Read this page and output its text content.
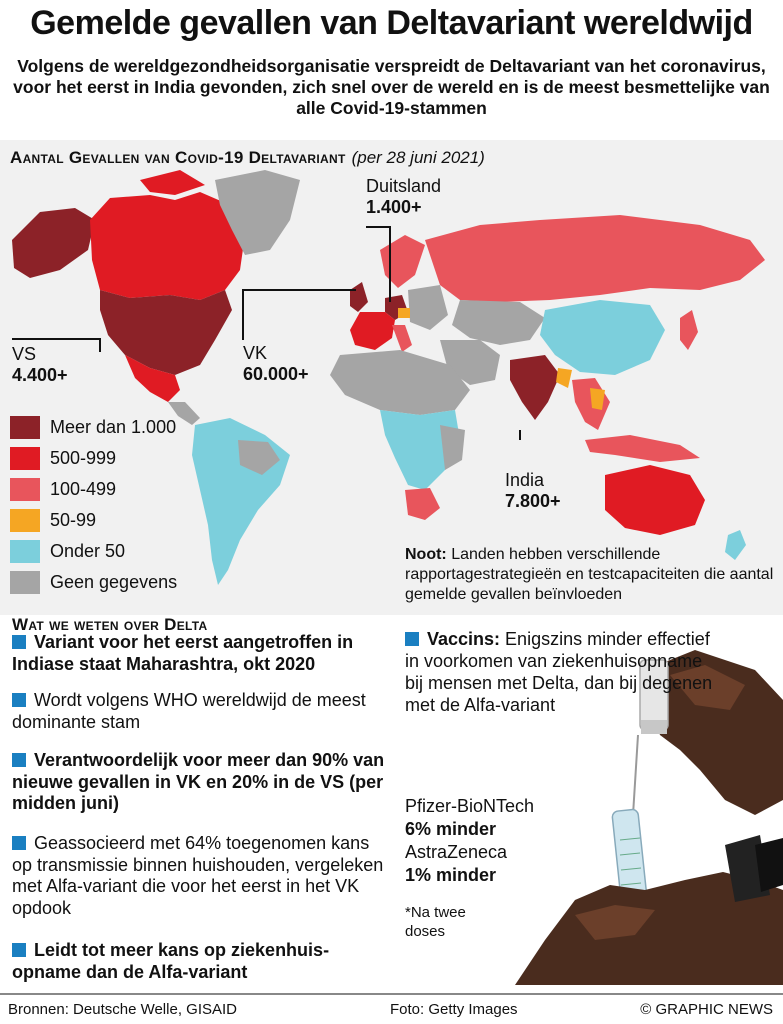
Gemelde gevallen van Deltavariant wereldwijd
Volgens de wereldgezondheidsorganisatie verspreidt de Deltavariant van het coronavirus, voor het eerst in India gevonden, zich snel over de wereld en is de meest besmettelijke van alle Covid-19-stammen
Aantal Gevallen van Covid-19 Deltavariant (per 28 juni 2021)
Duitsland
1.400+
VS
4.400+
VK
60.000+
India
7.800+
Meer dan 1.000
500-999
100-499
50-99
Onder 50
Geen gegevens
Noot: Landen hebben verschillende rapportagestrategieën en testcapaciteiten die aantal gemelde gevallen beïnvloeden
Wat we weten over Delta
Variant voor het eerst aangetroffen in Indiase staat Maharashtra, okt 2020
Wordt volgens WHO wereldwijd de meest dominante stam
Verantwoordelijk voor meer dan 90% van nieuwe gevallen in VK en 20% in de VS (per midden juni)
Geassocieerd met 64% toegenomen kans op transmissie binnen huishouden, vergeleken met Alfa-variant die voor het eerst in het VK opdook
Leidt tot meer kans op ziekenhuis-opname dan de Alfa-variant
Vaccins: Enigszins minder effectief in voorkomen van ziekenhuisopname bij mensen met Delta, dan bij degenen met de Alfa-variant
Pfizer-BioNTech
6% minder
AstraZeneca
1% minder
*Na twee doses
Bronnen: Deutsche Welle, GISAID	Foto: Getty Images	© GRAPHIC NEWS
